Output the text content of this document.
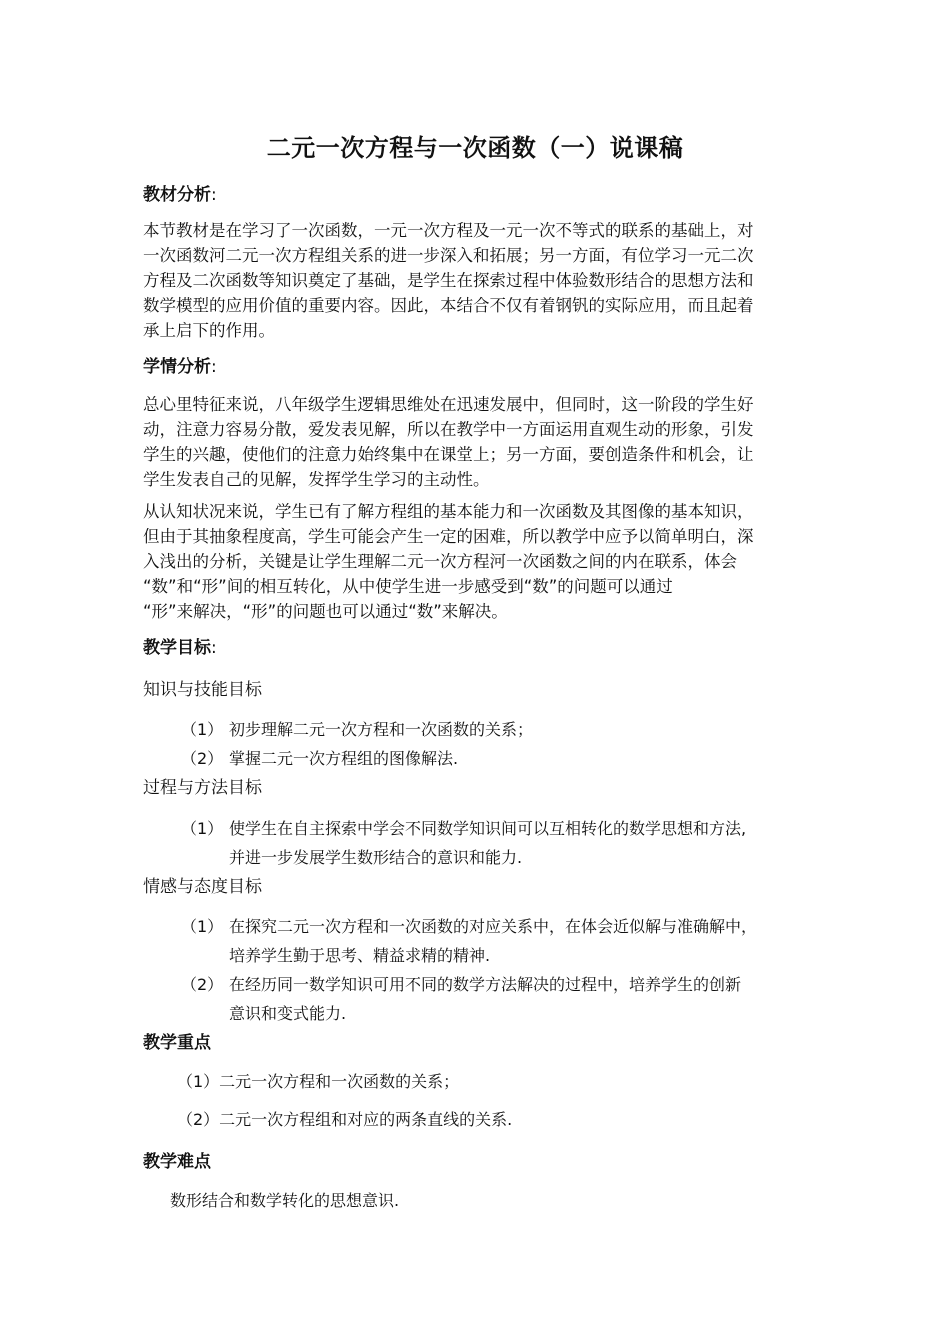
二元一次方程与一次函数（一）说课稿
教材分析:
本节教材是在学习了一次函数，一元一次方程及一元一次不等式的联系的基础上，对
一次函数河二元一次方程组关系的进一步深入和拓展；另一方面，有位学习一元二次
方程及二次函数等知识奠定了基础，是学生在探索过程中体验数形结合的思想方法和
数学模型的应用价值的重要内容。因此，本结合不仅有着钢钒的实际应用，而且起着
承上启下的作用。
学情分析:
总心里特征来说，八年级学生逻辑思维处在迅速发展中，但同时，这一阶段的学生好
动，注意力容易分散，爱发表见解，所以在教学中一方面运用直观生动的形象，引发
学生的兴趣，使他们的注意力始终集中在课堂上；另一方面，要创造条件和机会，让
学生发表自己的见解，发挥学生学习的主动性。
从认知状况来说，学生已有了解方程组的基本能力和一次函数及其图像的基本知识，
但由于其抽象程度高，学生可能会产生一定的困难，所以教学中应予以简单明白，深
入浅出的分析，关键是让学生理解二元一次方程河一次函数之间的内在联系，体会
“数”和“形”间的相互转化，从中使学生进一步感受到“数”的问题可以通过
“形”来解决，“形”的问题也可以通过“数”来解决。
教学目标:
知识与技能目标
（1） 初步理解二元一次方程和一次函数的关系；
（2） 掌握二元一次方程组的图像解法.
过程与方法目标
（1） 使学生在自主探索中学会不同数学知识间可以互相转化的数学思想和方法,
并进一步发展学生数形结合的意识和能力.
情感与态度目标
（1） 在探究二元一次方程和一次函数的对应关系中，在体会近似解与准确解中，
培养学生勤于思考、精益求精的精神.
（2） 在经历同一数学知识可用不同的数学方法解决的过程中，培养学生的创新
意识和变式能力.
教学重点
（1）二元一次方程和一次函数的关系；
（2）二元一次方程组和对应的两条直线的关系.
教学难点
数形结合和数学转化的思想意识.
